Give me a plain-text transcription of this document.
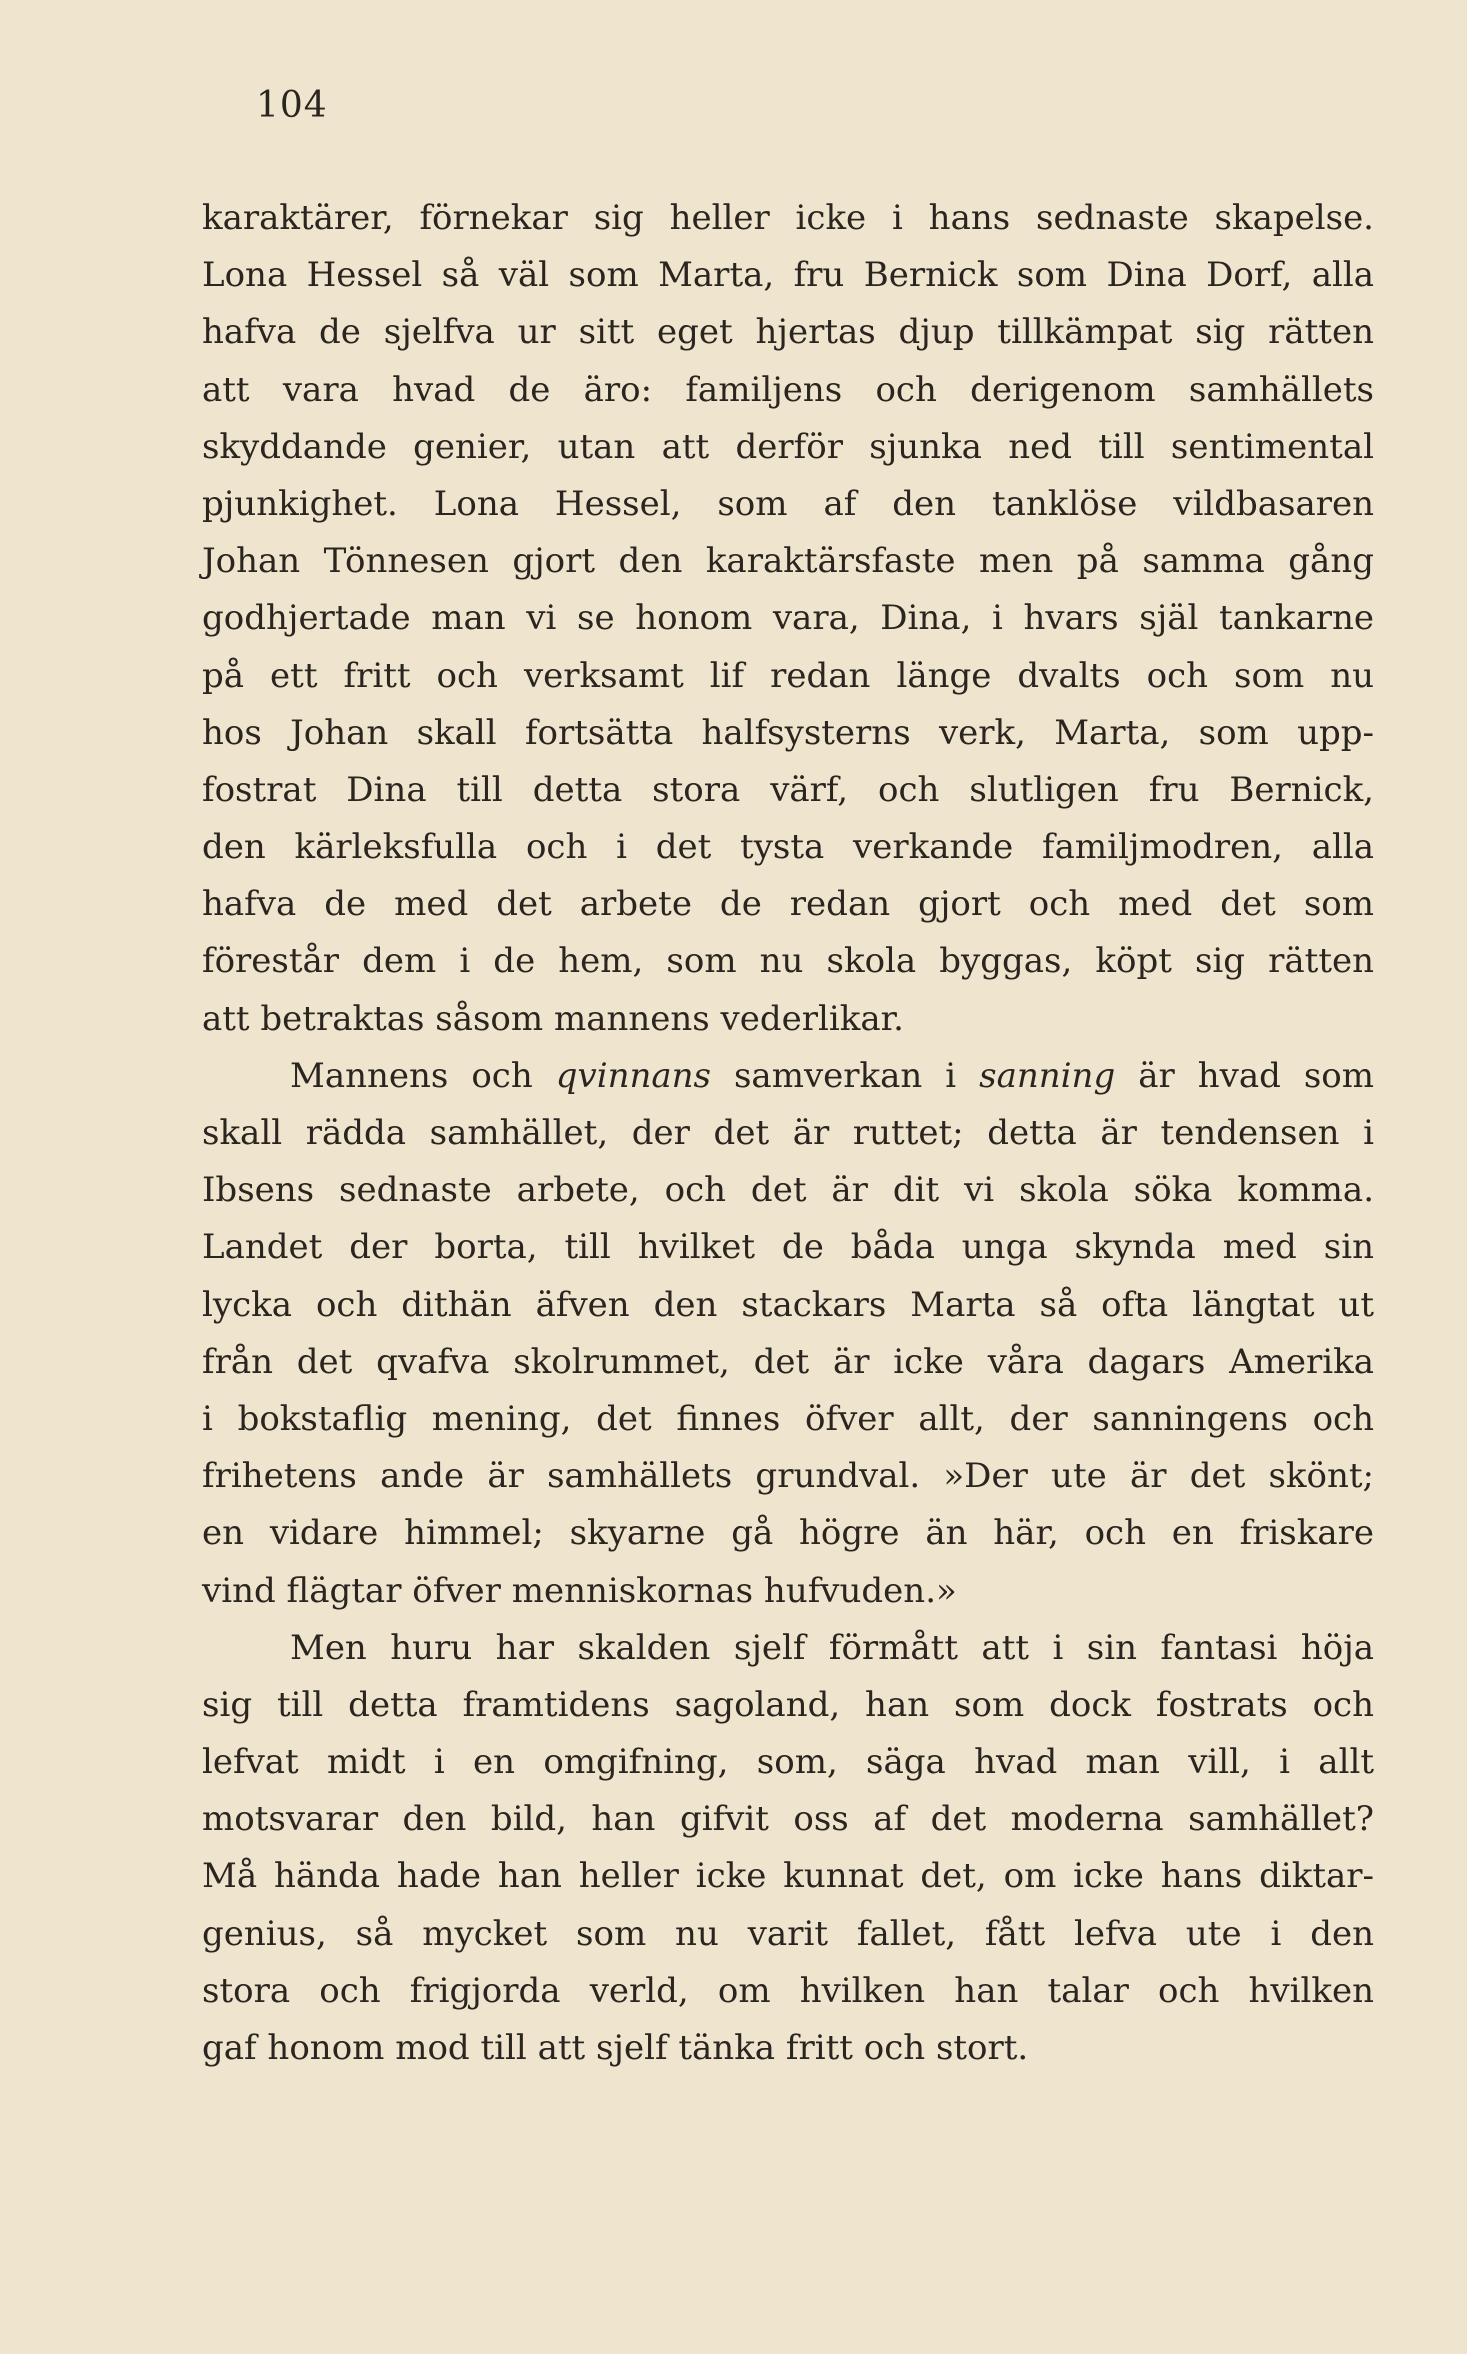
104
karaktärer, förnekar sig heller icke i hans sednaste skapelse.
Lona Hessel så väl som Marta, fru Bernick som Dina Dorf, alla
hafva de sjelfva ur sitt eget hjertas djup tillkämpat sig rätten
att vara hvad de äro: familjens och derigenom samhällets
skyddande genier, utan att derför sjunka ned till sentimental
pjunkighet. Lona Hessel, som af den tanklöse vildbasaren
Johan Tönnesen gjort den karaktärsfaste men på samma gång
godhjertade man vi se honom vara, Dina, i hvars själ tankarne
på ett fritt och verksamt lif redan länge dvalts och som nu
hos Johan skall fortsätta halfsysterns verk, Marta, som upp-
fostrat Dina till detta stora värf, och slutligen fru Bernick,
den kärleksfulla och i det tysta verkande familjmodren, alla
hafva de med det arbete de redan gjort och med det som
förestår dem i de hem, som nu skola byggas, köpt sig rätten
att betraktas såsom mannens vederlikar.
Mannens och qvinnans samverkan i sanning är hvad som
skall rädda samhället, der det är ruttet; detta är tendensen i
Ibsens sednaste arbete, och det är dit vi skola söka komma.
Landet der borta, till hvilket de båda unga skynda med sin
lycka och dithän äfven den stackars Marta så ofta längtat ut
från det qvafva skolrummet, det är icke våra dagars Amerika
i bokstaflig mening, det finnes öfver allt, der sanningens och
frihetens ande är samhällets grundval. »Der ute är det skönt;
en vidare himmel; skyarne gå högre än här, och en friskare
vind flägtar öfver menniskornas hufvuden.»
Men huru har skalden sjelf förmått att i sin fantasi höja
sig till detta framtidens sagoland, han som dock fostrats och
lefvat midt i en omgifning, som, säga hvad man vill, i allt
motsvarar den bild, han gifvit oss af det moderna samhället?
Må hända hade han heller icke kunnat det, om icke hans diktar-
genius, så mycket som nu varit fallet, fått lefva ute i den
stora och frigjorda verld, om hvilken han talar och hvilken
gaf honom mod till att sjelf tänka fritt och stort.
